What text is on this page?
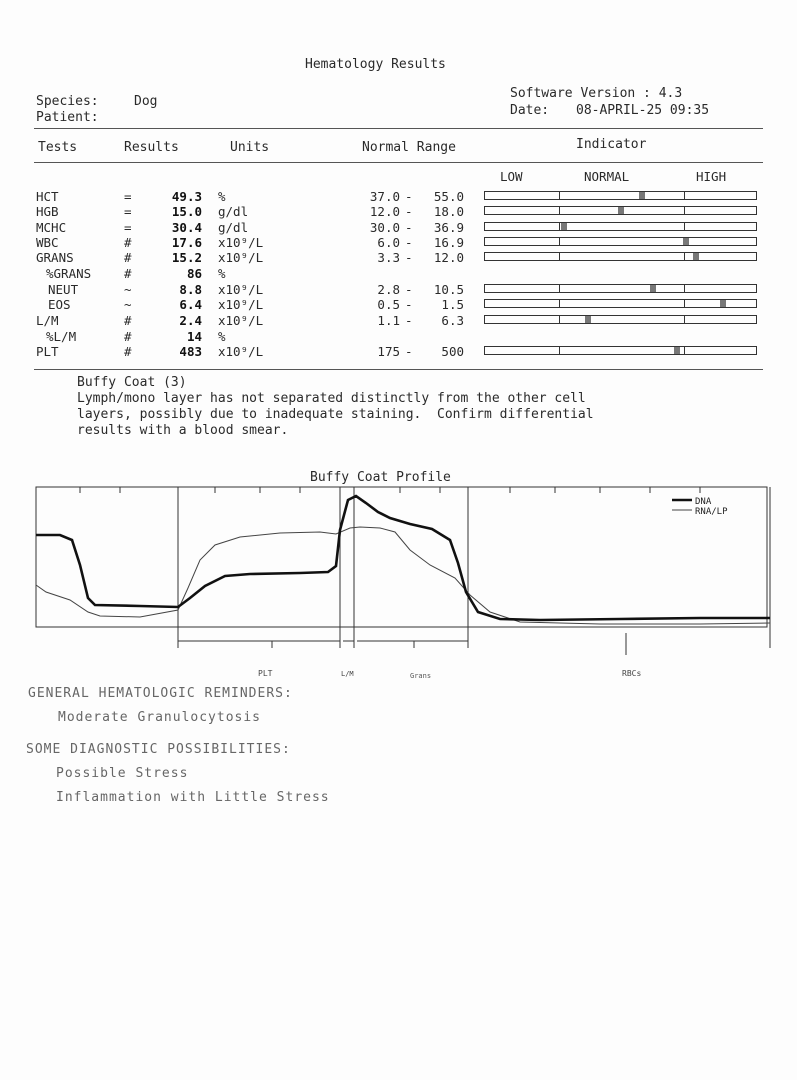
Hematology Results
Species:	Dog
Patient:
Software Version : 4.3
Date: 08-APRIL-25 09:35
Tests	Results	Units	Normal Range	Indicator
LOW	NORMAL	HIGH
HCT	=	49.3 %	37.0 -	55.0
HGB	=	15.0 g/dl	12.0 -	18.0
MCHC	=	30.4 g/dl	30.0 -	36.9
WBC	#	17.6 x10⁹/L	6.0 -	16.9
GRANS	#	15.2 x10⁹/L	3.3 -	12.0
%GRANS	#	86 %
NEUT	~	8.8 x10⁹/L	2.8 -	10.5
EOS	~	6.4 x10⁹/L	0.5 -	1.5
L/M	#	2.4 x10⁹/L	1.1 -	6.3
%L/M	#	14 %
PLT	#	483 x10⁹/L	175 -	500
Buffy Coat (3)
Lymph/mono layer has not separated distinctly from the other cell
layers, possibly due to inadequate staining.  Confirm differential
results with a blood smear.
Buffy Coat Profile
DNA
RNA/LP
PLT	L/M	Grans	RBCs
GENERAL HEMATOLOGIC REMINDERS:
Moderate Granulocytosis
SOME DIAGNOSTIC POSSIBILITIES:
Possible Stress
Inflammation with Little Stress
